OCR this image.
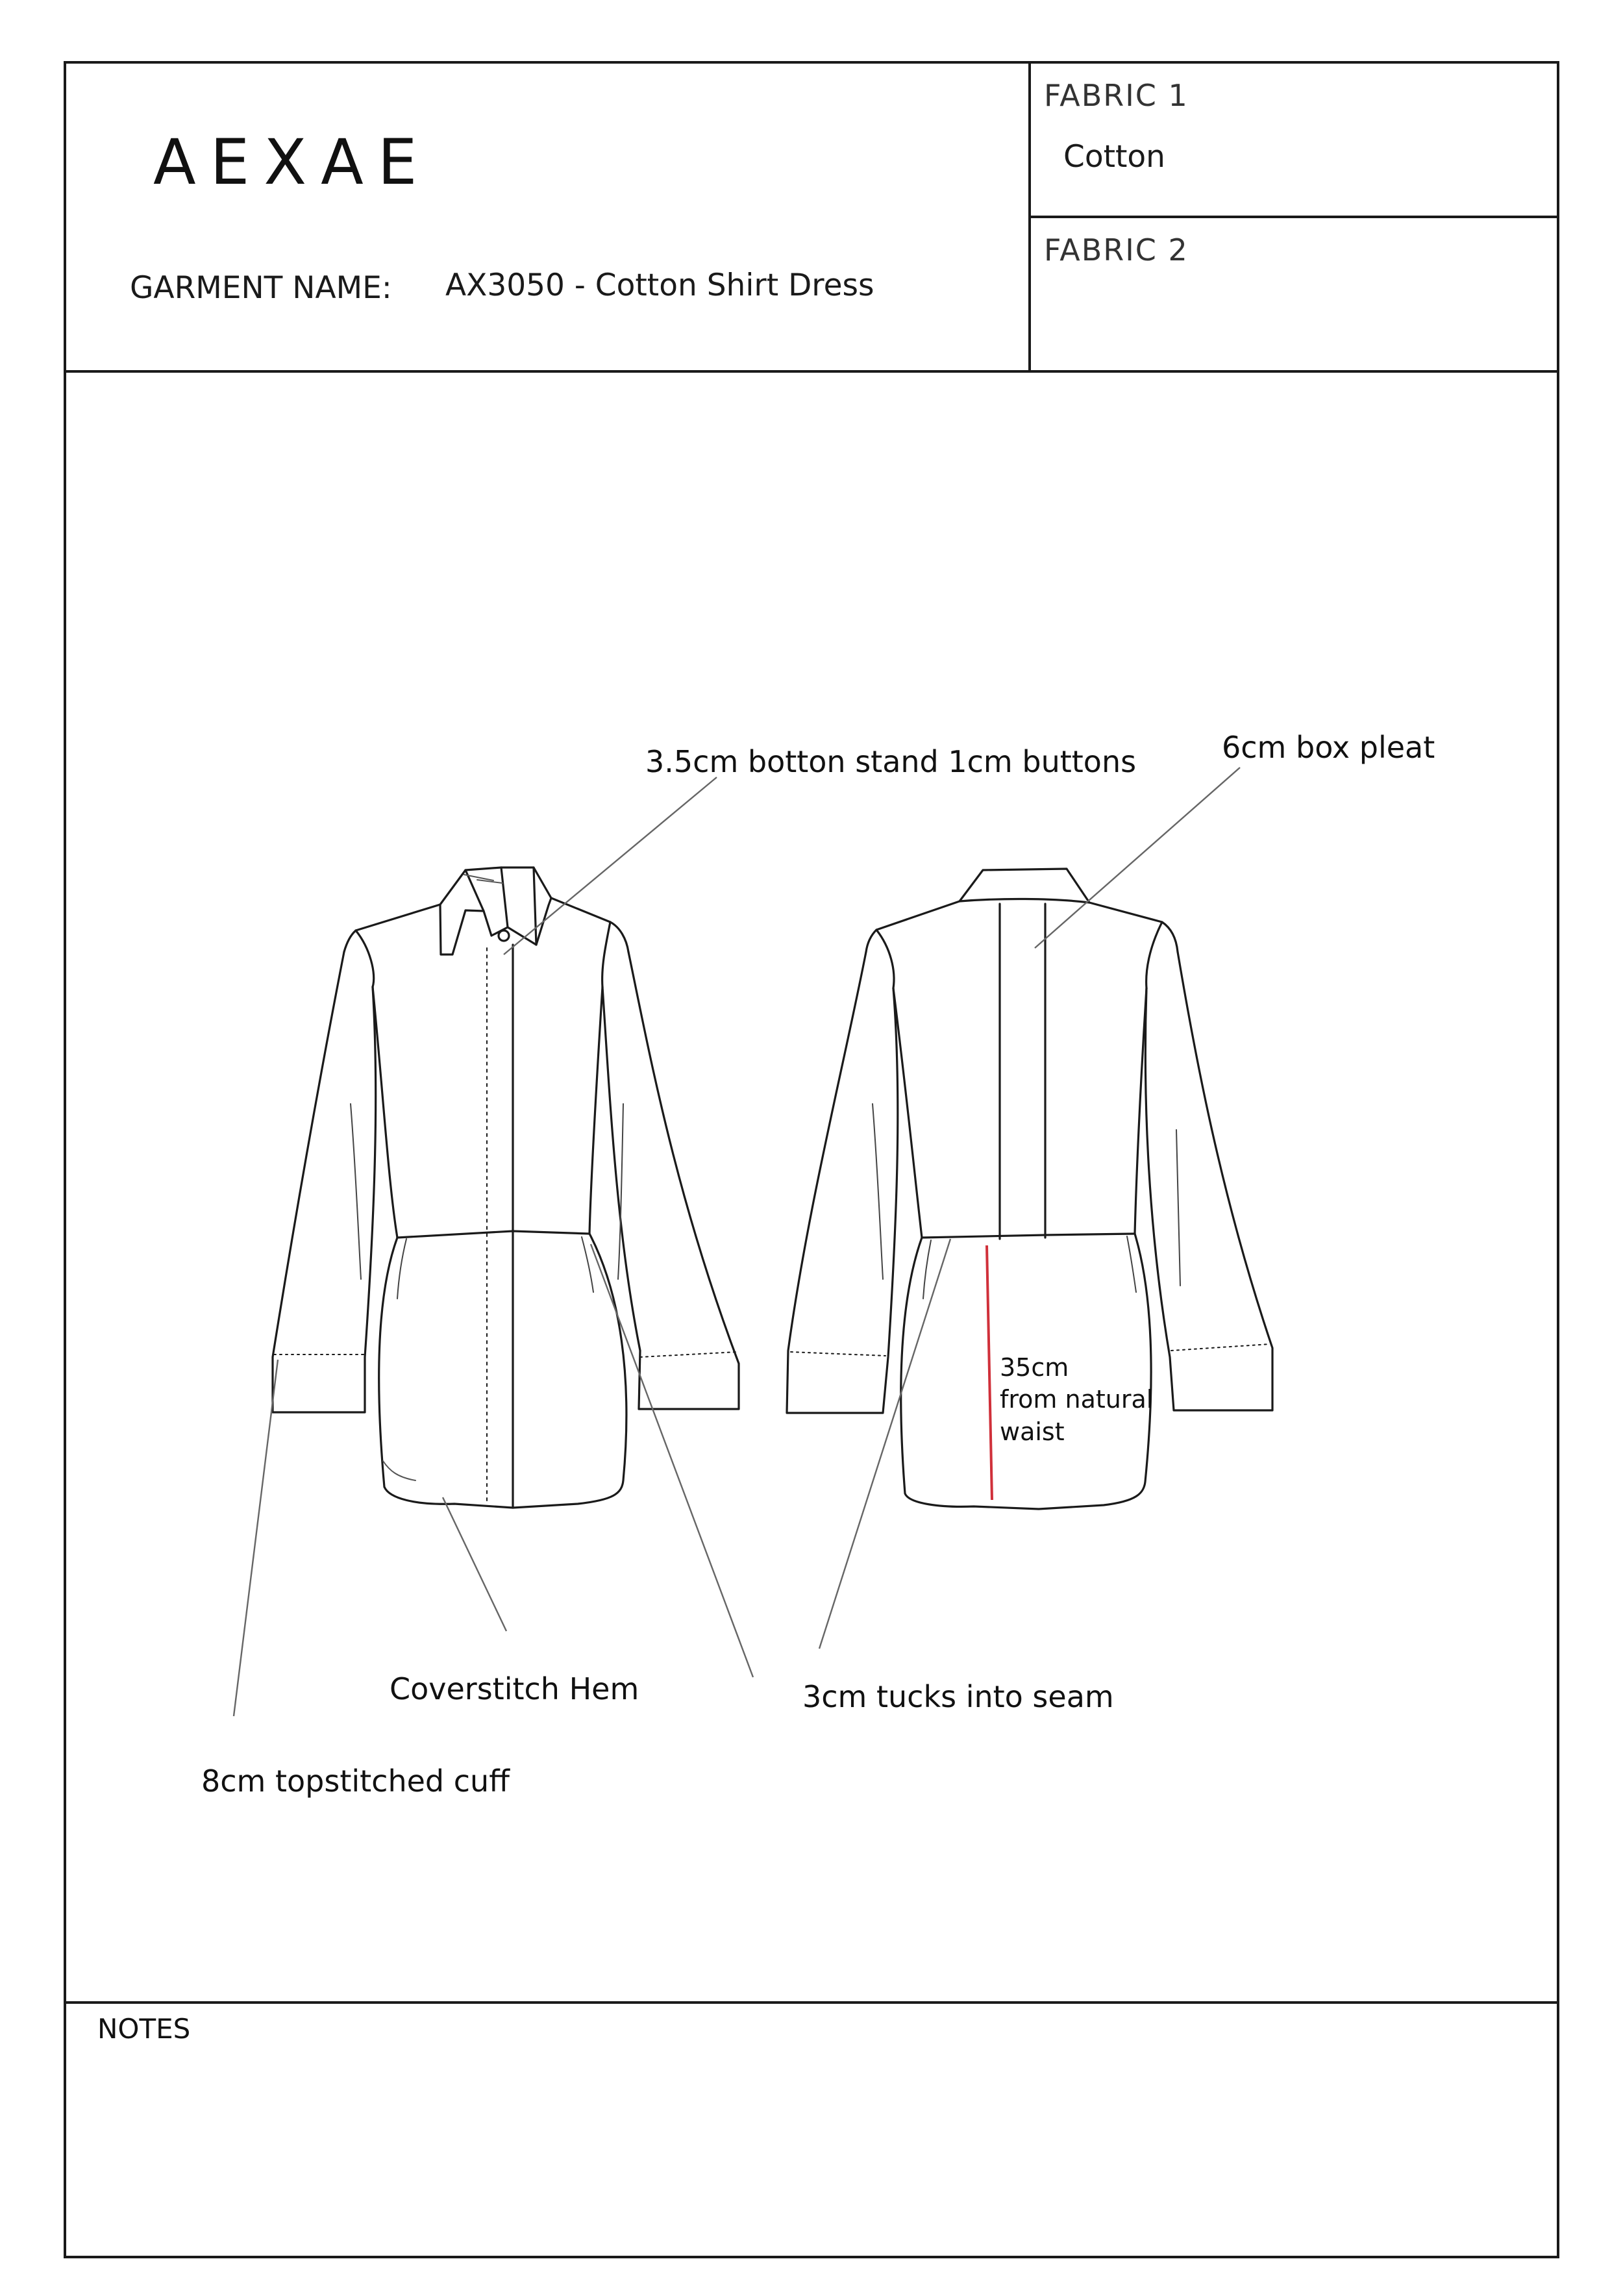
AEXAE
GARMENT NAME: AX3050 - Cotton Shirt Dress
FABRIC 1
Cotton
FABRIC 2
3.5cm botton stand 1cm buttons	6cm box pleat
35cm
from natural
waist
Coverstitch Hem	3cm tucks into seam
8cm topstitched cuff
NOTES
